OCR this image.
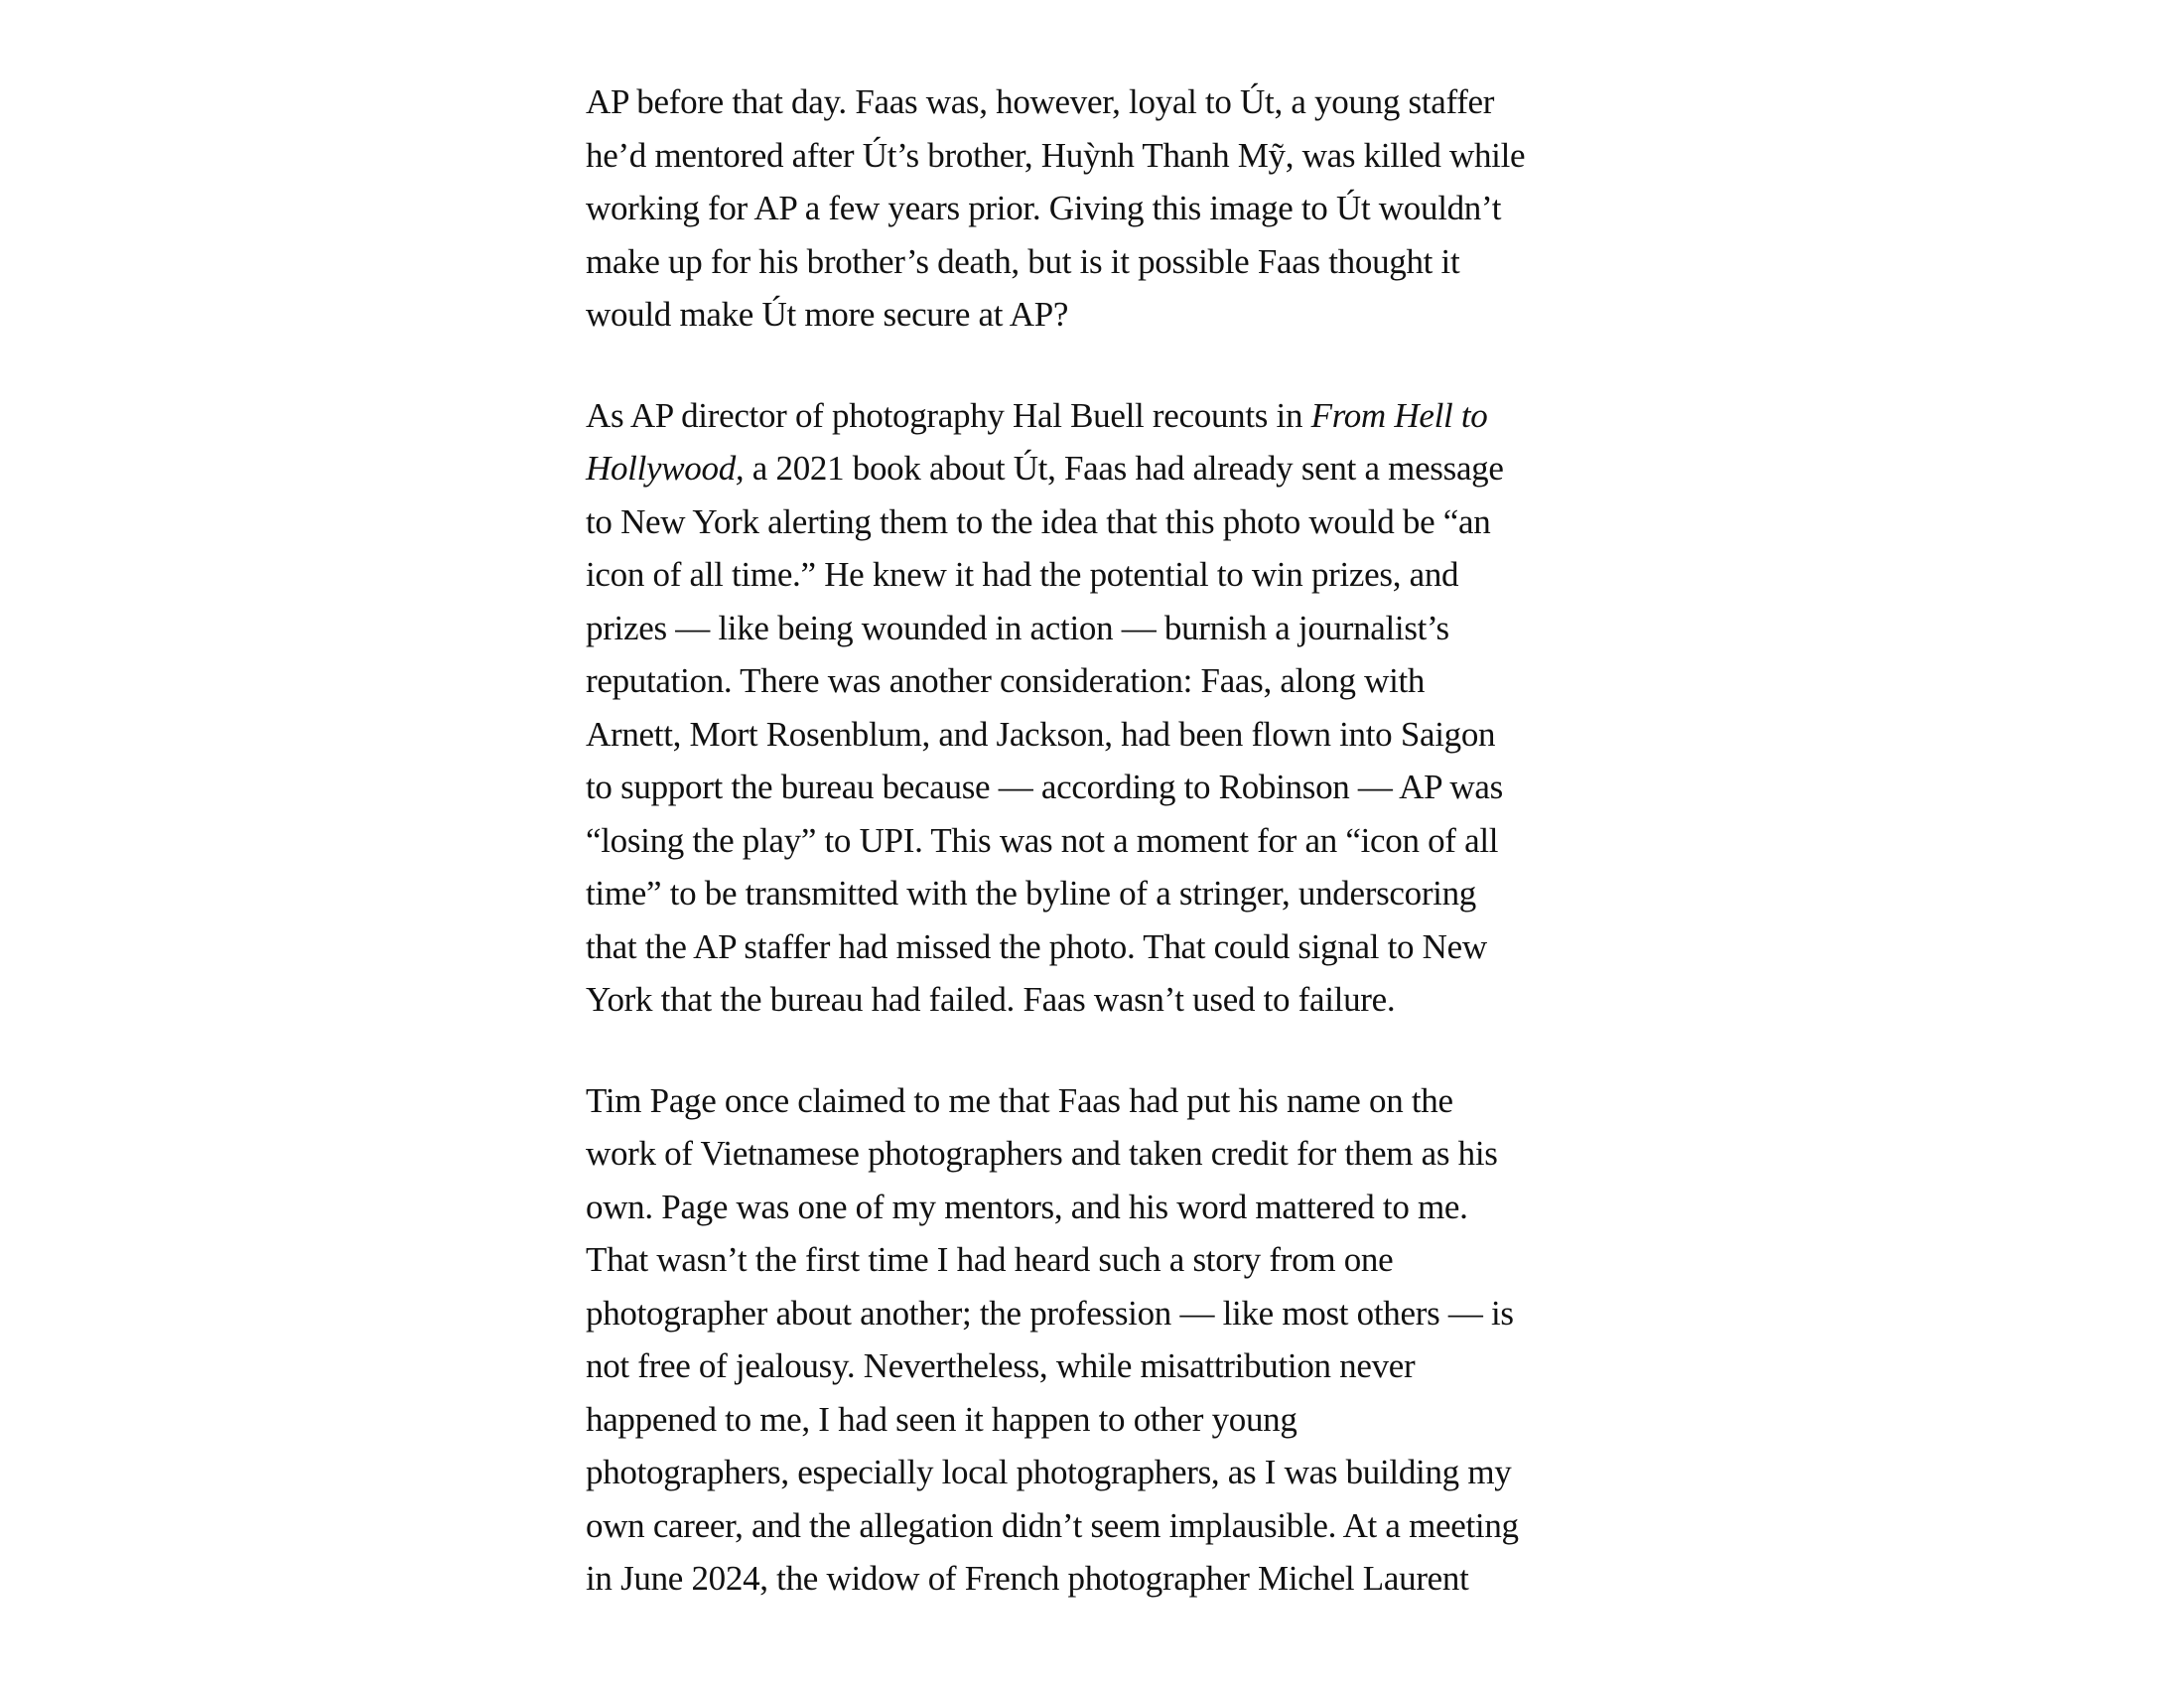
AP before that day. Faas was, however, loyal to Út, a young staffer
he’d mentored after Út’s brother, Huỳnh Thanh Mỹ, was killed while
working for AP a few years prior. Giving this image to Út wouldn’t
make up for his brother’s death, but is it possible Faas thought it
would make Út more secure at AP?

As AP director of photography Hal Buell recounts in From Hell to
Hollywood, a 2021 book about Út, Faas had already sent a message
to New York alerting them to the idea that this photo would be “an
icon of all time.” He knew it had the potential to win prizes, and
prizes — like being wounded in action — burnish a journalist’s
reputation. There was another consideration: Faas, along with
Arnett, Mort Rosenblum, and Jackson, had been flown into Saigon
to support the bureau because — according to Robinson — AP was
“losing the play” to UPI. This was not a moment for an “icon of all
time” to be transmitted with the byline of a stringer, underscoring
that the AP staffer had missed the photo. That could signal to New
York that the bureau had failed. Faas wasn’t used to failure.

Tim Page once claimed to me that Faas had put his name on the
work of Vietnamese photographers and taken credit for them as his
own. Page was one of my mentors, and his word mattered to me.
That wasn’t the first time I had heard such a story from one
photographer about another; the profession — like most others — is
not free of jealousy. Nevertheless, while misattribution never
happened to me, I had seen it happen to other young
photographers, especially local photographers, as I was building my
own career, and the allegation didn’t seem implausible. At a meeting
in June 2024, the widow of French photographer Michel Laurent
